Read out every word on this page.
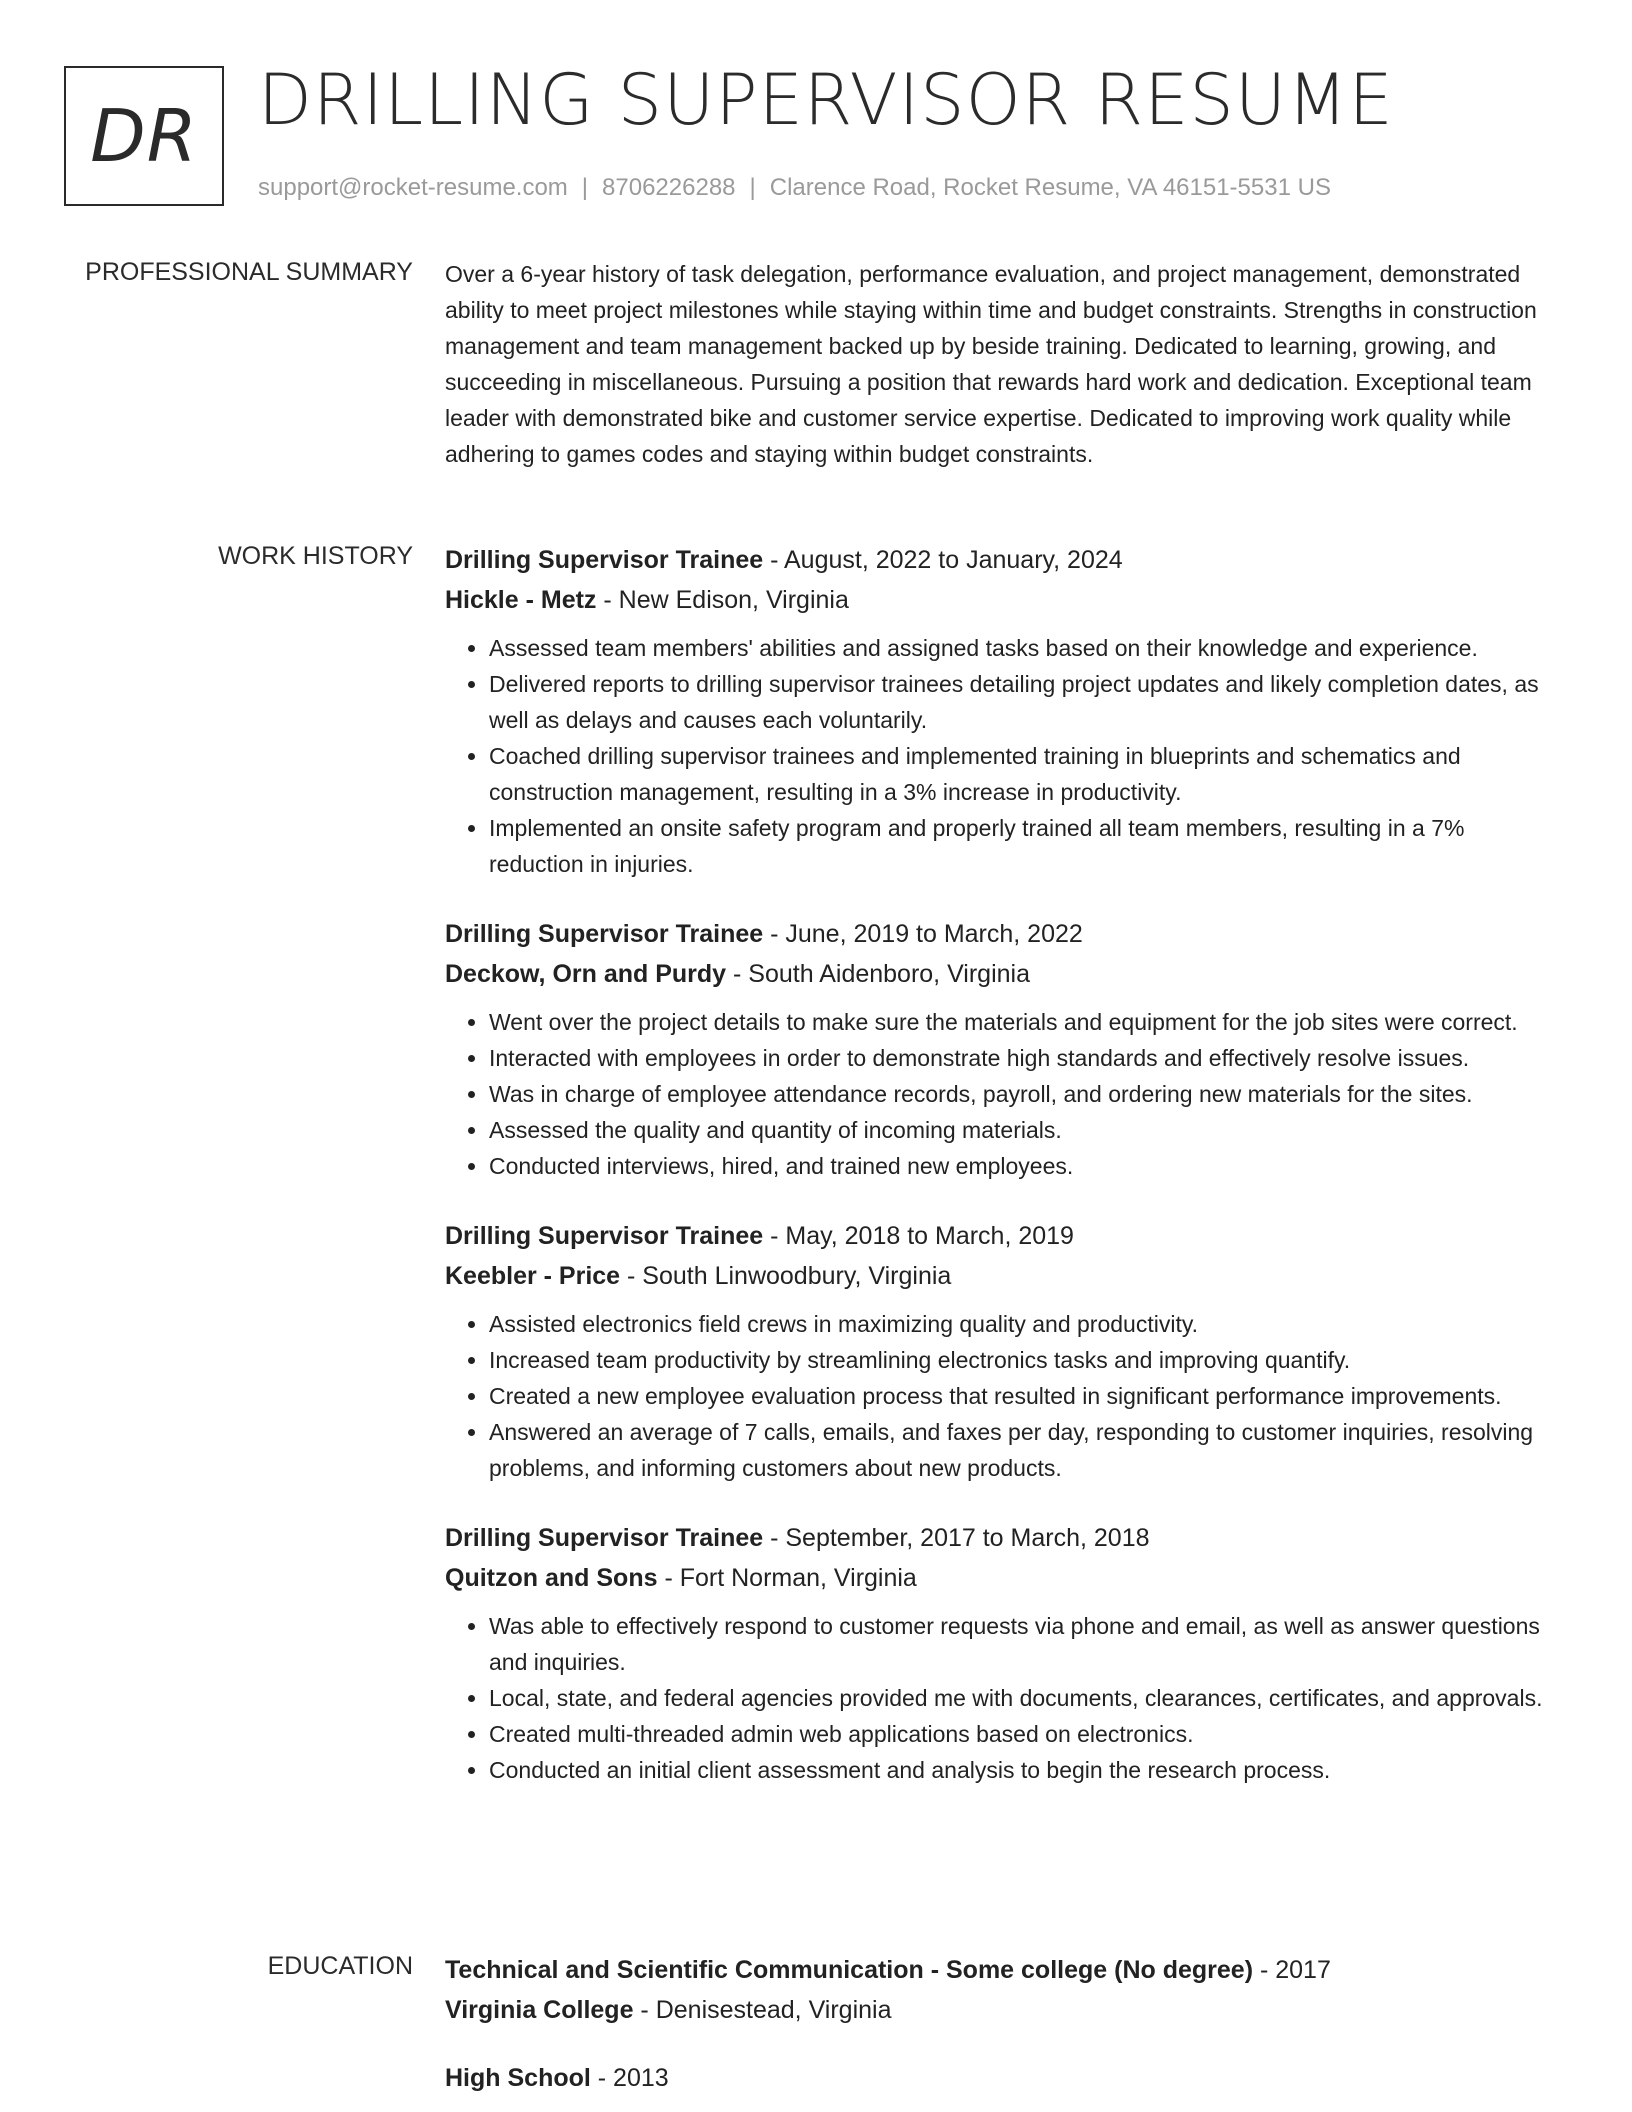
DR DRILLING SUPERVISOR RESUME
support@rocket-resume.com | 8706226288 | Clarence Road, Rocket Resume, VA 46151-5531 US
PROFESSIONAL SUMMARY Over a 6-year history of task delegation, performance evaluation, and project management, demonstrated ability to meet project milestones while staying within time and budget constraints. Strengths in construction management and team management backed up by beside training. Dedicated to learning, growing, and succeeding in miscellaneous. Pursuing a position that rewards hard work and dedication. Exceptional team leader with demonstrated bike and customer service expertise. Dedicated to improving work quality while adhering to games codes and staying within budget constraints.

WORK HISTORY Drilling Supervisor Trainee - August, 2022 to January, 2024
Hickle - Metz - New Edison, Virginia
• Assessed team members' abilities and assigned tasks based on their knowledge and experience.
• Delivered reports to drilling supervisor trainees detailing project updates and likely completion dates, as well as delays and causes each voluntarily.
• Coached drilling supervisor trainees and implemented training in blueprints and schematics and construction management, resulting in a 3% increase in productivity.
• Implemented an onsite safety program and properly trained all team members, resulting in a 7% reduction in injuries.
Drilling Supervisor Trainee - June, 2019 to March, 2022
Deckow, Orn and Purdy - South Aidenboro, Virginia
• Went over the project details to make sure the materials and equipment for the job sites were correct.
• Interacted with employees in order to demonstrate high standards and effectively resolve issues.
• Was in charge of employee attendance records, payroll, and ordering new materials for the sites.
• Assessed the quality and quantity of incoming materials.
• Conducted interviews, hired, and trained new employees.
Drilling Supervisor Trainee - May, 2018 to March, 2019
Keebler - Price - South Linwoodbury, Virginia
• Assisted electronics field crews in maximizing quality and productivity.
• Increased team productivity by streamlining electronics tasks and improving quantify.
• Created a new employee evaluation process that resulted in significant performance improvements.
• Answered an average of 7 calls, emails, and faxes per day, responding to customer inquiries, resolving problems, and informing customers about new products.
Drilling Supervisor Trainee - September, 2017 to March, 2018
Quitzon and Sons - Fort Norman, Virginia
• Was able to effectively respond to customer requests via phone and email, as well as answer questions and inquiries.
• Local, state, and federal agencies provided me with documents, clearances, certificates, and approvals.
• Created multi-threaded admin web applications based on electronics.
• Conducted an initial client assessment and analysis to begin the research process.
EDUCATION Technical and Scientific Communication - Some college (No degree) - 2017
Virginia College - Denisestead, Virginia
High School - 2013
